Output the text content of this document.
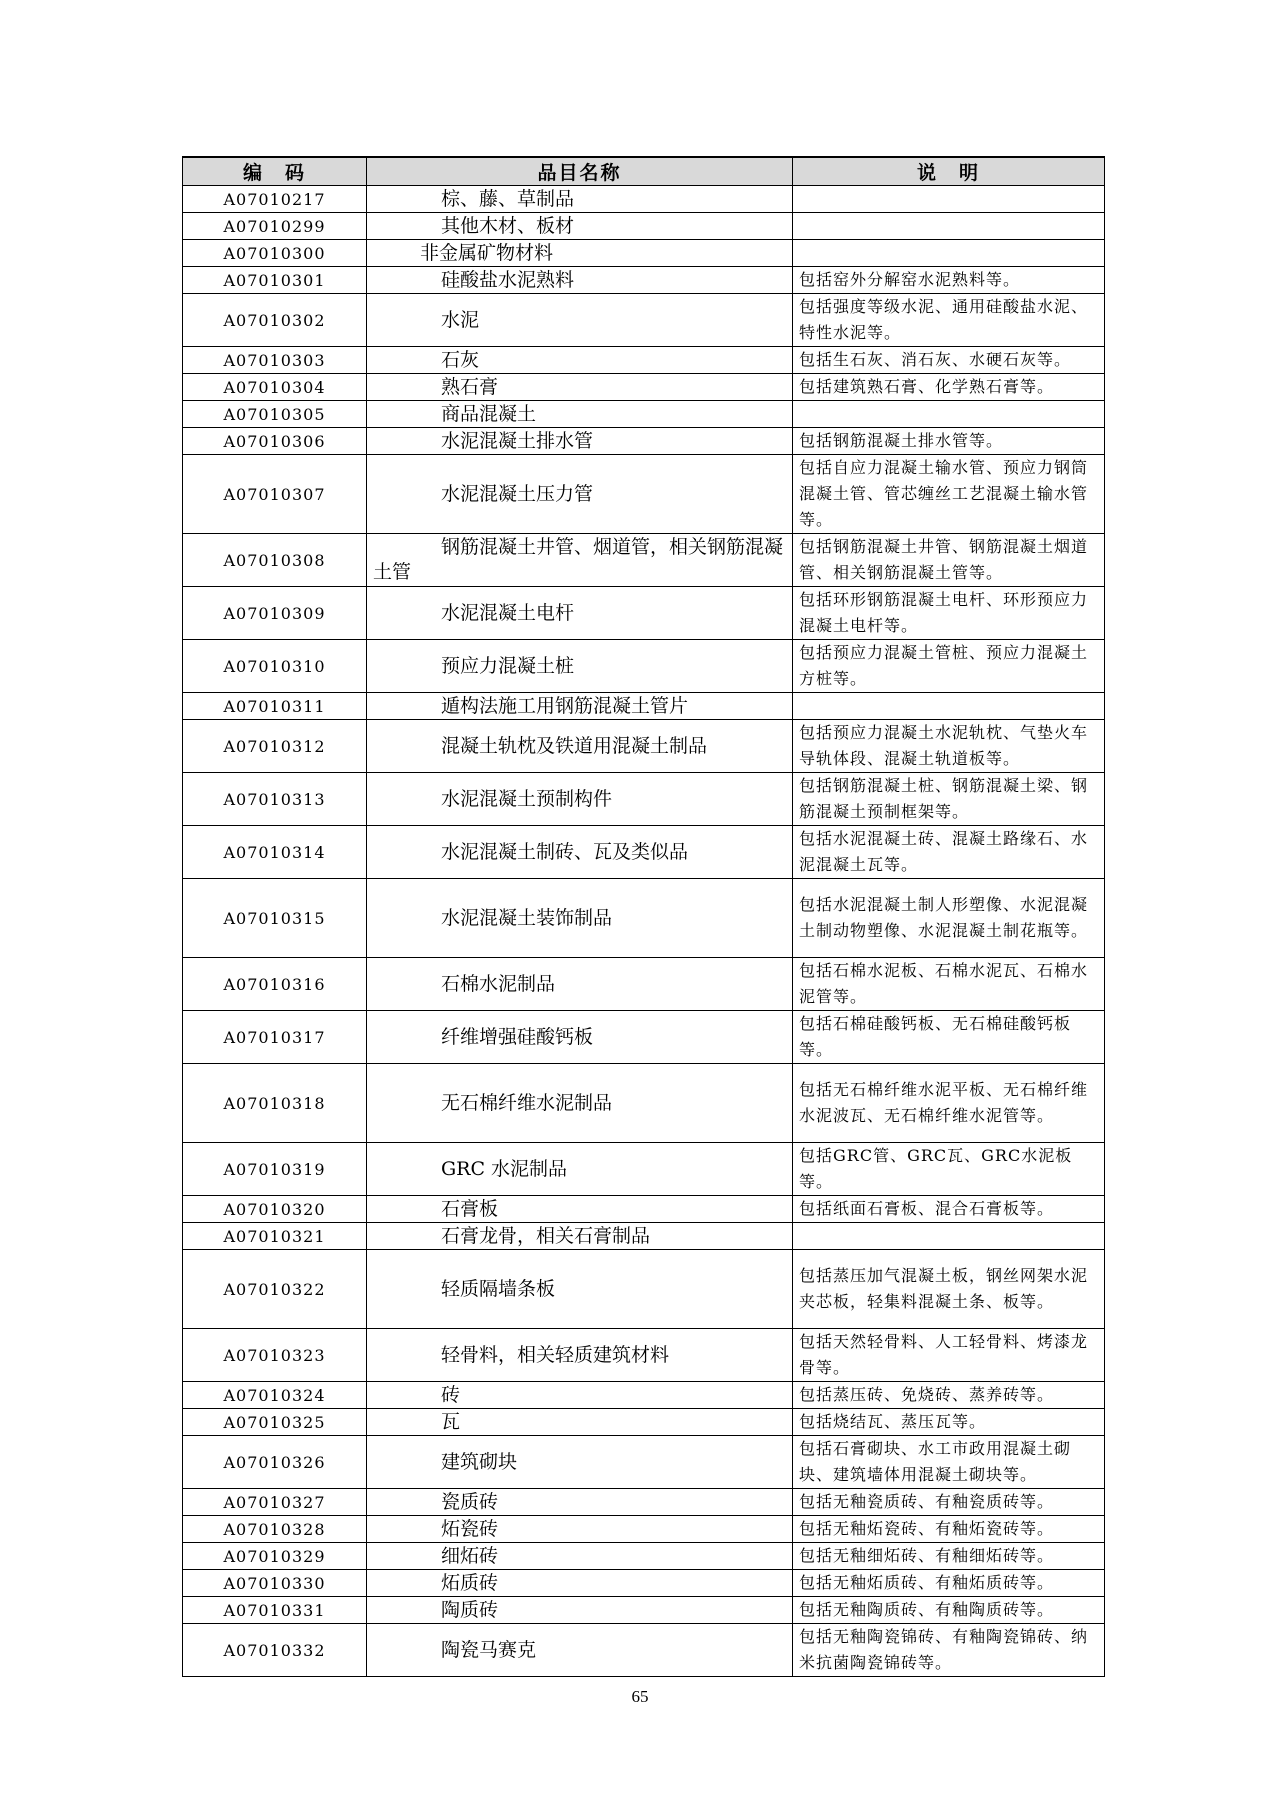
编　码	品目名称	说　明
A07010217	棕、藤、草制品	

A07010299	其他木材、板材	

A07010300	非金属矿物材料	

A07010301	硅酸盐水泥熟料	包括窑外分解窑水泥熟料等。
A07010302	水泥	包括强度等级水泥、通用硅酸盐水泥、特性水泥等。
A07010303	石灰	包括生石灰、消石灰、水硬石灰等。
A07010304	熟石膏	包括建筑熟石膏、化学熟石膏等。
A07010305	商品混凝土	

A07010306	水泥混凝土排水管	包括钢筋混凝土排水管等。
A07010307	水泥混凝土压力管	包括自应力混凝土输水管、预应力钢筒混凝土管、管芯缠丝工艺混凝土输水管等。
A07010308	钢筋混凝土井管、烟道管，相关钢筋混凝土管	包括钢筋混凝土井管、钢筋混凝土烟道管、相关钢筋混凝土管等。
A07010309	水泥混凝土电杆	包括环形钢筋混凝土电杆、环形预应力混凝土电杆等。
A07010310	预应力混凝土桩	包括预应力混凝土管桩、预应力混凝土方桩等。
A07010311	遁构法施工用钢筋混凝土管片	

A07010312	混凝土轨枕及铁道用混凝土制品	包括预应力混凝土水泥轨枕、气垫火车导轨体段、混凝土轨道板等。
A07010313	水泥混凝土预制构件	包括钢筋混凝土桩、钢筋混凝土梁、钢筋混凝土预制框架等。
A07010314	水泥混凝土制砖、瓦及类似品	包括水泥混凝土砖、混凝土路缘石、水泥混凝土瓦等。
A07010315	水泥混凝土装饰制品	包括水泥混凝土制人形塑像、水泥混凝土制动物塑像、水泥混凝土制花瓶等。
A07010316	石棉水泥制品	包括石棉水泥板、石棉水泥瓦、石棉水泥管等。
A07010317	纤维增强硅酸钙板	包括石棉硅酸钙板、无石棉硅酸钙板等。
A07010318	无石棉纤维水泥制品	包括无石棉纤维水泥平板、无石棉纤维水泥波瓦、无石棉纤维水泥管等。
A07010319	GRC 水泥制品	包括GRC管、GRC瓦、GRC水泥板等。
A07010320	石膏板	包括纸面石膏板、混合石膏板等。
A07010321	石膏龙骨，相关石膏制品	

A07010322	轻质隔墙条板	包括蒸压加气混凝土板，钢丝网架水泥夹芯板，轻集料混凝土条、板等。
A07010323	轻骨料，相关轻质建筑材料	包括天然轻骨料、人工轻骨料、烤漆龙骨等。
A07010324	砖	包括蒸压砖、免烧砖、蒸养砖等。
A07010325	瓦	包括烧结瓦、蒸压瓦等。
A07010326	建筑砌块	包括石膏砌块、水工市政用混凝土砌块、建筑墙体用混凝土砌块等。
A07010327	瓷质砖	包括无釉瓷质砖、有釉瓷质砖等。
A07010328	炻瓷砖	包括无釉炻瓷砖、有釉炻瓷砖等。
A07010329	细炻砖	包括无釉细炻砖、有釉细炻砖等。
A07010330	炻质砖	包括无釉炻质砖、有釉炻质砖等。
A07010331	陶质砖	包括无釉陶质砖、有釉陶质砖等。
A07010332	陶瓷马赛克	包括无釉陶瓷锦砖、有釉陶瓷锦砖、纳米抗菌陶瓷锦砖等。
65
